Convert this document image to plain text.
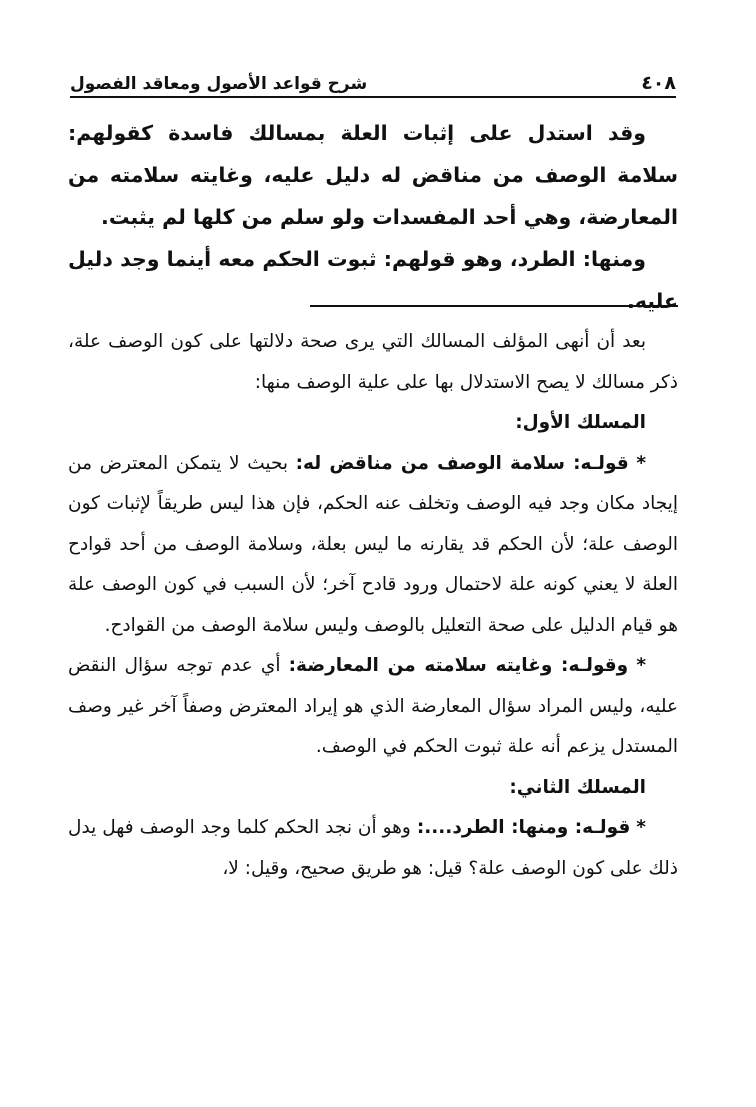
٤٠٨
شرح قواعد الأصول ومعاقد الفصول

وقد استدل على إثبات العلة بمسالك فاسدة كقولهم: سلامة الوصف من مناقض له دليل عليه، وغايته سلامته من المعارضة، وهي أحد المفسدات ولو سلم من كلها لم يثبت.

ومنها: الطرد، وهو قولهم: ثبوت الحكم معه أينما وجد دليل عليه.

بعد أن أنهى المؤلف المسالك التي يرى صحة دلالتها على كون الوصف علة، ذكر مسالك لا يصح الاستدلال بها على علية الوصف منها:

المسلك الأول:

* قولـه: سلامة الوصف من مناقض له: بحيث لا يتمكن المعترض من إيجاد مكان وجد فيه الوصف وتخلف عنه الحكم، فإن هذا ليس طريقاً لإثبات كون الوصف علة؛ لأن الحكم قد يقارنه ما ليس بعلة، وسلامة الوصف من أحد قوادح العلة لا يعني كونه علة لاحتمال ورود قادح آخر؛ لأن السبب في كون الوصف علة هو قيام الدليل على صحة التعليل بالوصف وليس سلامة الوصف من القوادح.

* وقولـه: وغايته سلامته من المعارضة: أي عدم توجه سؤال النقض عليه، وليس المراد سؤال المعارضة الذي هو إيراد المعترض وصفاً آخر غير وصف المستدل يزعم أنه علة ثبوت الحكم في الوصف.

المسلك الثاني:

* قولـه: ومنها: الطرد....: وهو أن نجد الحكم كلما وجد الوصف فهل يدل ذلك على كون الوصف علة؟ قيل: هو طريق صحيح، وقيل: لا،
